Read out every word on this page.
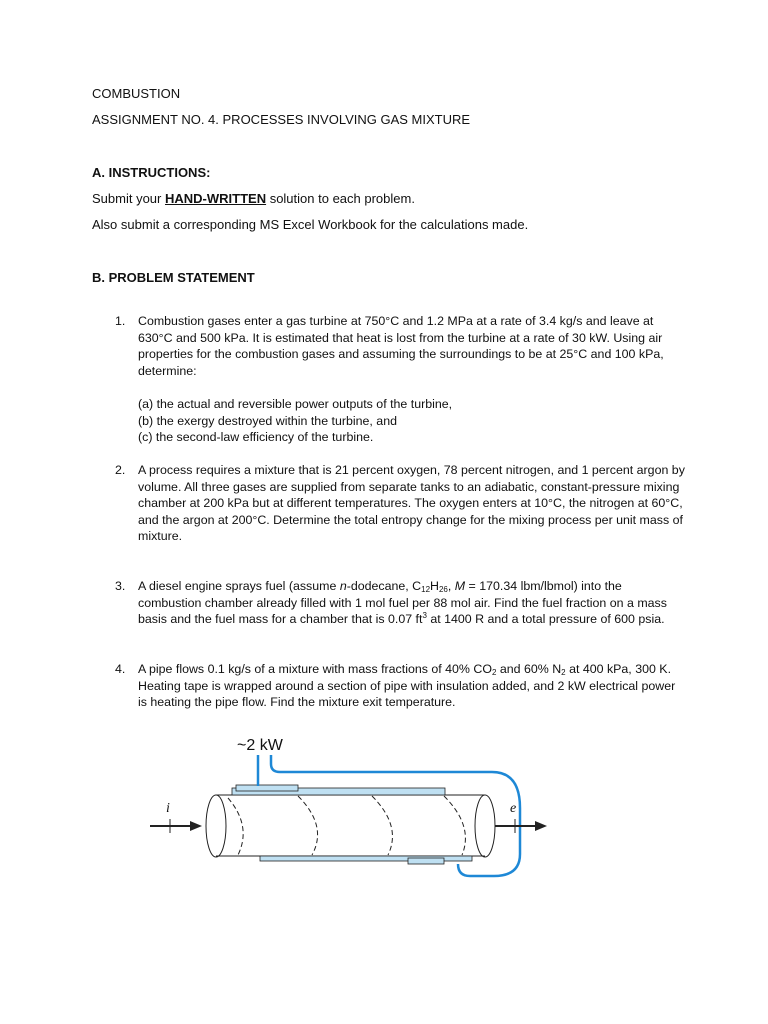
COMBUSTION
ASSIGNMENT NO. 4. PROCESSES INVOLVING GAS MIXTURE
A. INSTRUCTIONS:
Submit your HAND-WRITTEN solution to each problem.
Also submit a corresponding MS Excel Workbook for the calculations made.
B. PROBLEM STATEMENT
1. Combustion gases enter a gas turbine at 750°C and 1.2 MPa at a rate of 3.4 kg/s and leave at 630°C and 500 kPa. It is estimated that heat is lost from the turbine at a rate of 30 kW. Using air properties for the combustion gases and assuming the surroundings to be at 25°C and 100 kPa, determine:
(a) the actual and reversible power outputs of the turbine,
(b) the exergy destroyed within the turbine, and
(c) the second-law efficiency of the turbine.
2. A process requires a mixture that is 21 percent oxygen, 78 percent nitrogen, and 1 percent argon by volume. All three gases are supplied from separate tanks to an adiabatic, constant-pressure mixing chamber at 200 kPa but at different temperatures. The oxygen enters at 10°C, the nitrogen at 60°C, and the argon at 200°C. Determine the total entropy change for the mixing process per unit mass of mixture.
3. A diesel engine sprays fuel (assume n-dodecane, $C_{12}H_{26}$, M = 170.34 lbm/lbmol) into the combustion chamber already filled with 1 mol fuel per 88 mol air. Find the fuel fraction on a mass basis and the fuel mass for a chamber that is 0.07 $ft^3$ at 1400 R and a total pressure of 600 psia.
4. A pipe flows 0.1 kg/s of a mixture with mass fractions of 40% $CO_2$ and 60% $N_2$ at 400 kPa, 300 K. Heating tape is wrapped around a section of pipe with insulation added, and 2 kW electrical power is heating the pipe flow. Find the mixture exit temperature.
~2 kW
i	e
